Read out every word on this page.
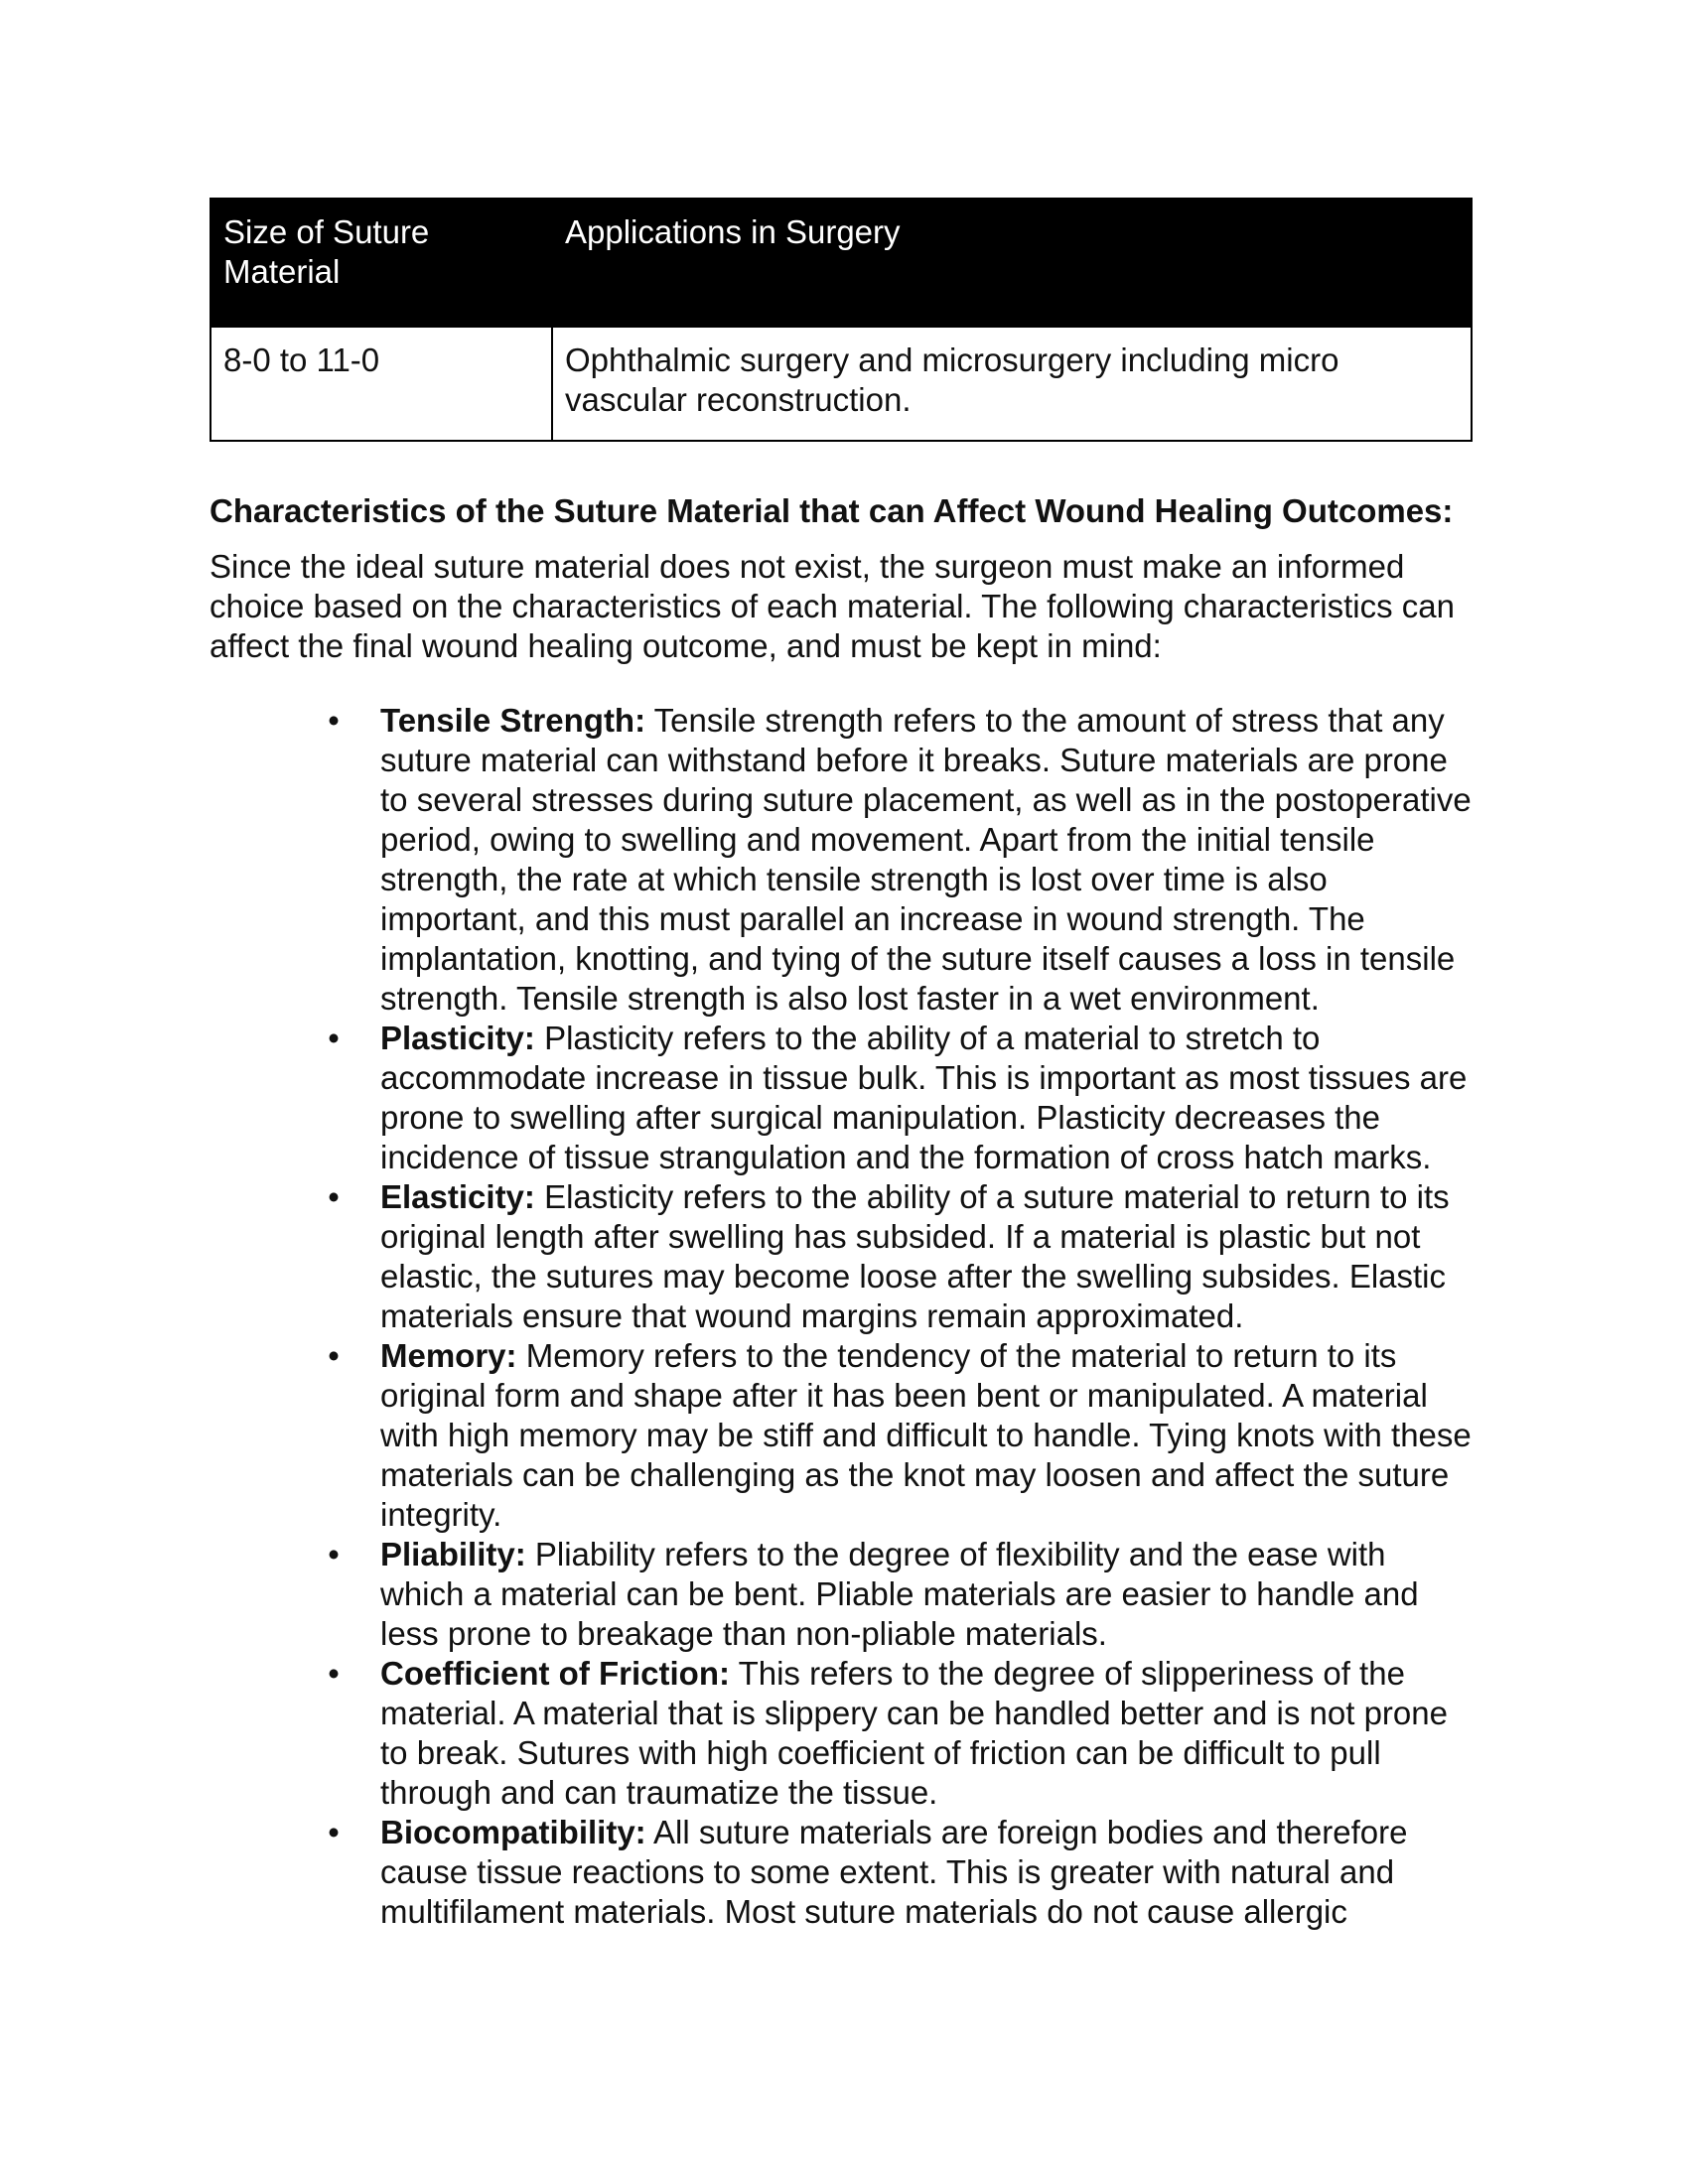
Size of Suture Material	Applications in Surgery
8-0 to 11-0	Ophthalmic surgery and microsurgery including micro vascular reconstruction.
Characteristics of the Suture Material that can Affect Wound Healing Outcomes:

Since the ideal suture material does not exist, the surgeon must make an informed choice based on the characteristics of each material. The following characteristics can affect the final wound healing outcome, and must be kept in mind:

• Tensile Strength: Tensile strength refers to the amount of stress that any suture material can withstand before it breaks. Suture materials are prone to several stresses during suture placement, as well as in the postoperative period, owing to swelling and movement. Apart from the initial tensile strength, the rate at which tensile strength is lost over time is also important, and this must parallel an increase in wound strength. The implantation, knotting, and tying of the suture itself causes a loss in tensile strength. Tensile strength is also lost faster in a wet environment.
• Plasticity: Plasticity refers to the ability of a material to stretch to accommodate increase in tissue bulk. This is important as most tissues are prone to swelling after surgical manipulation. Plasticity decreases the incidence of tissue strangulation and the formation of cross hatch marks.
• Elasticity: Elasticity refers to the ability of a suture material to return to its original length after swelling has subsided. If a material is plastic but not elastic, the sutures may become loose after the swelling subsides. Elastic materials ensure that wound margins remain approximated.
• Memory: Memory refers to the tendency of the material to return to its original form and shape after it has been bent or manipulated. A material with high memory may be stiff and difficult to handle. Tying knots with these materials can be challenging as the knot may loosen and affect the suture integrity.
• Pliability: Pliability refers to the degree of flexibility and the ease with which a material can be bent. Pliable materials are easier to handle and less prone to breakage than non-pliable materials.
• Coefficient of Friction: This refers to the degree of slipperiness of the material. A material that is slippery can be handled better and is not prone to break. Sutures with high coefficient of friction can be difficult to pull through and can traumatize the tissue.
• Biocompatibility: All suture materials are foreign bodies and therefore cause tissue reactions to some extent. This is greater with natural and multifilament materials. Most suture materials do not cause allergic
